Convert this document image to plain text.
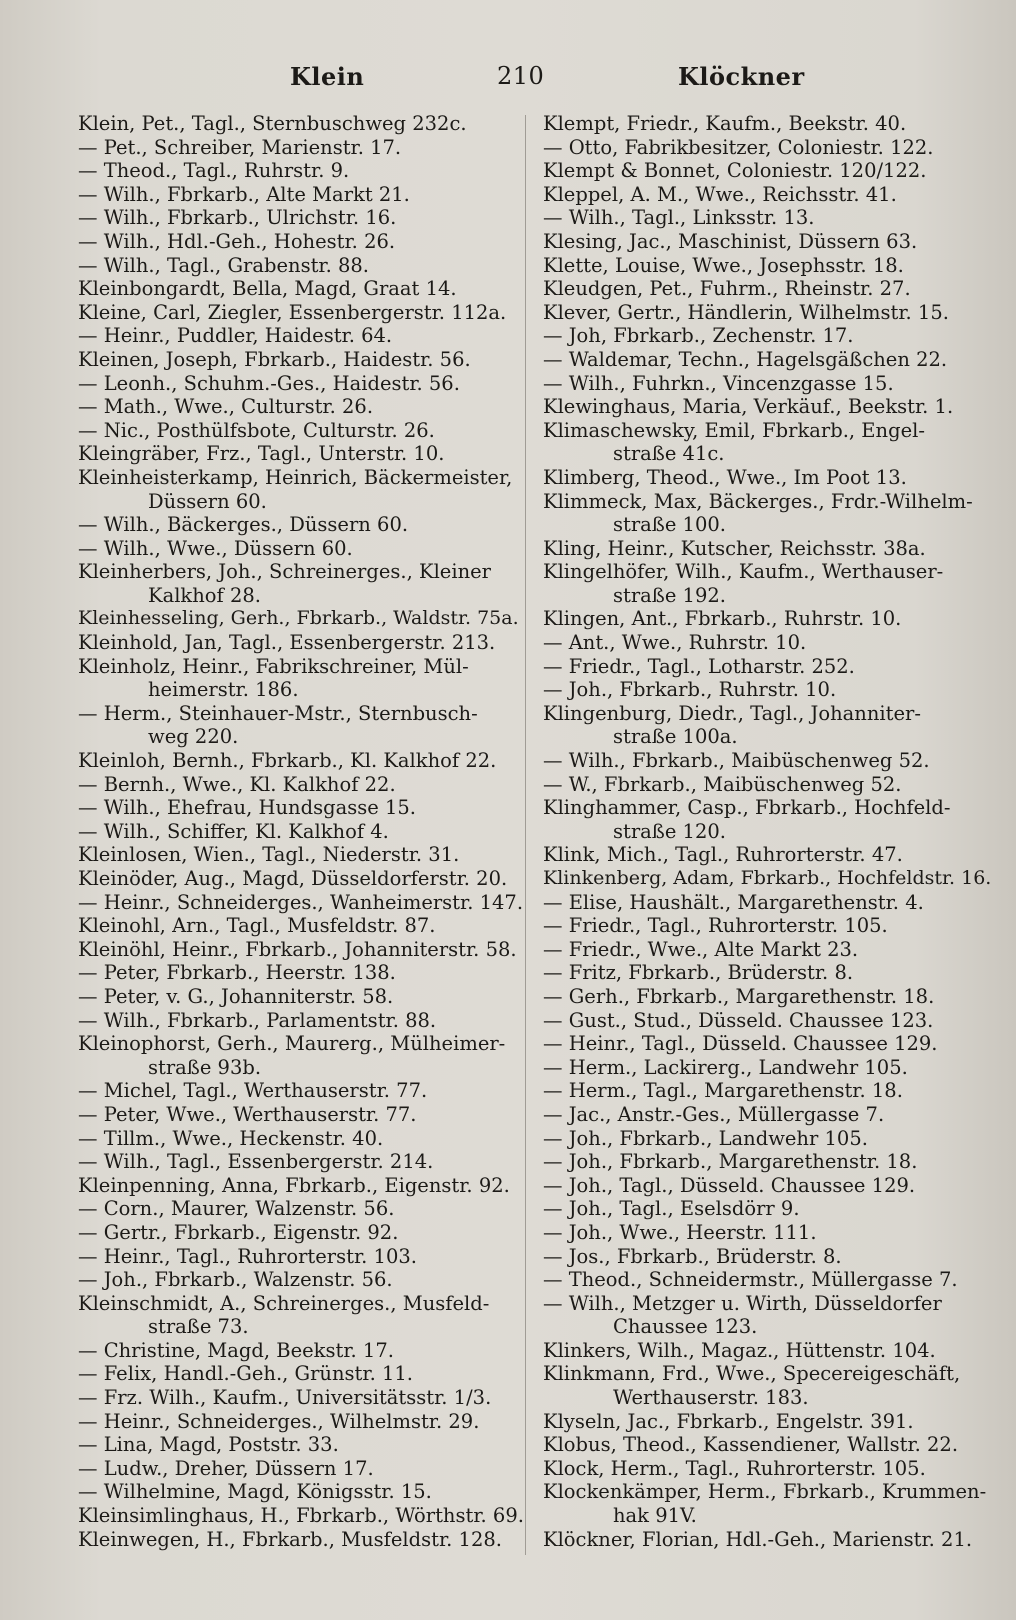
Klein	210	Klöckner
Klein, Pet., Tagl., Sternbuschweg 232c.
— Pet., Schreiber, Marienstr. 17.
— Theod., Tagl., Ruhrstr. 9.
— Wilh., Fbrkarb., Alte Markt 21.
— Wilh., Fbrkarb., Ulrichstr. 16.
— Wilh., Hdl.-Geh., Hohestr. 26.
— Wilh., Tagl., Grabenstr. 88.
Kleinbongardt, Bella, Magd, Graat 14.
Kleine, Carl, Ziegler, Essenbergerstr. 112a.
— Heinr., Puddler, Haidestr. 64.
Kleinen, Joseph, Fbrkarb., Haidestr. 56.
— Leonh., Schuhm.-Ges., Haidestr. 56.
— Math., Wwe., Culturstr. 26.
— Nic., Posthülfsbote, Culturstr. 26.
Kleingräber, Frz., Tagl., Unterstr. 10.
Kleinheisterkamp, Heinrich, Bäckermeister,
Düssern 60.
— Wilh., Bäckerges., Düssern 60.
— Wilh., Wwe., Düssern 60.
Kleinherbers, Joh., Schreinerges., Kleiner
Kalkhof 28.
Kleinhesseling, Gerh., Fbrkarb., Waldstr. 75a.
Kleinhold, Jan, Tagl., Essenbergerstr. 213.
Kleinholz, Heinr., Fabrikschreiner, Mül-
heimerstr. 186.
— Herm., Steinhauer-Mstr., Sternbusch-
weg 220.
Kleinloh, Bernh., Fbrkarb., Kl. Kalkhof 22.
— Bernh., Wwe., Kl. Kalkhof 22.
— Wilh., Ehefrau, Hundsgasse 15.
— Wilh., Schiffer, Kl. Kalkhof 4.
Kleinlosen, Wien., Tagl., Niederstr. 31.
Kleinöder, Aug., Magd, Düsseldorferstr. 20.
— Heinr., Schneiderges., Wanheimerstr. 147.
Kleinohl, Arn., Tagl., Musfeldstr. 87.
Kleinöhl, Heinr., Fbrkarb., Johanniterstr. 58.
— Peter, Fbrkarb., Heerstr. 138.
— Peter, v. G., Johanniterstr. 58.
— Wilh., Fbrkarb., Parlamentstr. 88.
Kleinophorst, Gerh., Maurerg., Mülheimer-
straße 93b.
— Michel, Tagl., Werthauserstr. 77.
— Peter, Wwe., Werthauserstr. 77.
— Tillm., Wwe., Heckenstr. 40.
— Wilh., Tagl., Essenbergerstr. 214.
Kleinpenning, Anna, Fbrkarb., Eigenstr. 92.
— Corn., Maurer, Walzenstr. 56.
— Gertr., Fbrkarb., Eigenstr. 92.
— Heinr., Tagl., Ruhrorterstr. 103.
— Joh., Fbrkarb., Walzenstr. 56.
Kleinschmidt, A., Schreinerges., Musfeld-
straße 73.
— Christine, Magd, Beekstr. 17.
— Felix, Handl.-Geh., Grünstr. 11.
— Frz. Wilh., Kaufm., Universitätsstr. 1/3.
— Heinr., Schneiderges., Wilhelmstr. 29.
— Lina, Magd, Poststr. 33.
— Ludw., Dreher, Düssern 17.
— Wilhelmine, Magd, Königsstr. 15.
Kleinsimlinghaus, H., Fbrkarb., Wörthstr. 69.
Kleinwegen, H., Fbrkarb., Musfeldstr. 128.
Klempt, Friedr., Kaufm., Beekstr. 40.
— Otto, Fabrikbesitzer, Coloniestr. 122.
Klempt & Bonnet, Coloniestr. 120/122.
Kleppel, A. M., Wwe., Reichsstr. 41.
— Wilh., Tagl., Linksstr. 13.
Klesing, Jac., Maschinist, Düssern 63.
Klette, Louise, Wwe., Josephsstr. 18.
Kleudgen, Pet., Fuhrm., Rheinstr. 27.
Klever, Gertr., Händlerin, Wilhelmstr. 15.
— Joh, Fbrkarb., Zechenstr. 17.
— Waldemar, Techn., Hagelsgäßchen 22.
— Wilh., Fuhrkn., Vincenzgasse 15.
Klewinghaus, Maria, Verkäuf., Beekstr. 1.
Klimaschewsky, Emil, Fbrkarb., Engel-
straße 41c.
Klimberg, Theod., Wwe., Im Poot 13.
Klimmeck, Max, Bäckerges., Frdr.-Wilhelm-
straße 100.
Kling, Heinr., Kutscher, Reichsstr. 38a.
Klingelhöfer, Wilh., Kaufm., Werthauser-
straße 192.
Klingen, Ant., Fbrkarb., Ruhrstr. 10.
— Ant., Wwe., Ruhrstr. 10.
— Friedr., Tagl., Lotharstr. 252.
— Joh., Fbrkarb., Ruhrstr. 10.
Klingenburg, Diedr., Tagl., Johanniter-
straße 100a.
— Wilh., Fbrkarb., Maibüschenweg 52.
— W., Fbrkarb., Maibüschenweg 52.
Klinghammer, Casp., Fbrkarb., Hochfeld-
straße 120.
Klink, Mich., Tagl., Ruhrorterstr. 47.
Klinkenberg, Adam, Fbrkarb., Hochfeldstr. 16.
— Elise, Haushält., Margarethenstr. 4.
— Friedr., Tagl., Ruhrorterstr. 105.
— Friedr., Wwe., Alte Markt 23.
— Fritz, Fbrkarb., Brüderstr. 8.
— Gerh., Fbrkarb., Margarethenstr. 18.
— Gust., Stud., Düsseld. Chaussee 123.
— Heinr., Tagl., Düsseld. Chaussee 129.
— Herm., Lackirerg., Landwehr 105.
— Herm., Tagl., Margarethenstr. 18.
— Jac., Anstr.-Ges., Müllergasse 7.
— Joh., Fbrkarb., Landwehr 105.
— Joh., Fbrkarb., Margarethenstr. 18.
— Joh., Tagl., Düsseld. Chaussee 129.
— Joh., Tagl., Eselsdörr 9.
— Joh., Wwe., Heerstr. 111.
— Jos., Fbrkarb., Brüderstr. 8.
— Theod., Schneidermstr., Müllergasse 7.
— Wilh., Metzger u. Wirth, Düsseldorfer
Chaussee 123.
Klinkers, Wilh., Magaz., Hüttenstr. 104.
Klinkmann, Frd., Wwe., Specereigeschäft,
Werthauserstr. 183.
Klyseln, Jac., Fbrkarb., Engelstr. 391.
Klobus, Theod., Kassendiener, Wallstr. 22.
Klock, Herm., Tagl., Ruhrorterstr. 105.
Klockenkämper, Herm., Fbrkarb., Krummen-
hak 91V.
Klöckner, Florian, Hdl.-Geh., Marienstr. 21.
